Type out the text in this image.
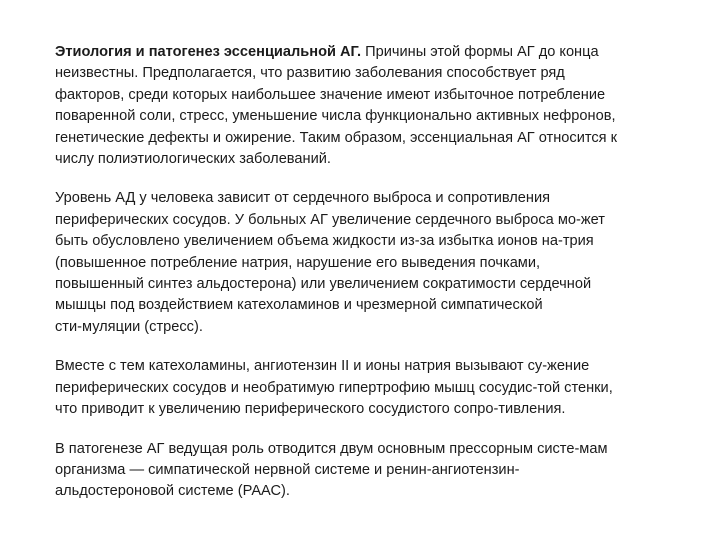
Этиология и патогенез эссенциальной АГ. Причины этой формы АГ до конца
неизвестны. Предполагается, что развитию заболевания способствует ряд
факторов, среди которых наибольшее значение имеют избыточное потребление
поваренной соли, стресс, уменьшение числа функционально активных нефронов,
генетические дефекты и ожирение. Таким образом, эссенциальная АГ относится к
числу полиэтиологических заболеваний.

Уровень АД у человека зависит от сердечного выброса и сопротивления
периферических сосудов. У больных АГ увеличение сердечного выброса мо-жет
быть обусловлено увеличением объема жидкости из-за избытка ионов на-трия
(повышенное потребление натрия, нарушение его выведения почками,
повышенный синтез альдостерона) или увеличением сократимости сердечной
мышцы под воздействием катехоламинов и чрезмерной симпатической
сти-муляции (стресс).

Вместе с тем катехоламины, ангиотензин II и ионы натрия вызывают су-жение
периферических сосудов и необратимую гипертрофию мышц сосудис-той стенки,
что приводит к увеличению периферического сосудистого сопро-тивления.

В патогенезе АГ ведущая роль отводится двум основным прессорным систе-мам
организма — симпатической нервной системе и ренин-ангиотензин-
альдостероновой системе (РААС).
